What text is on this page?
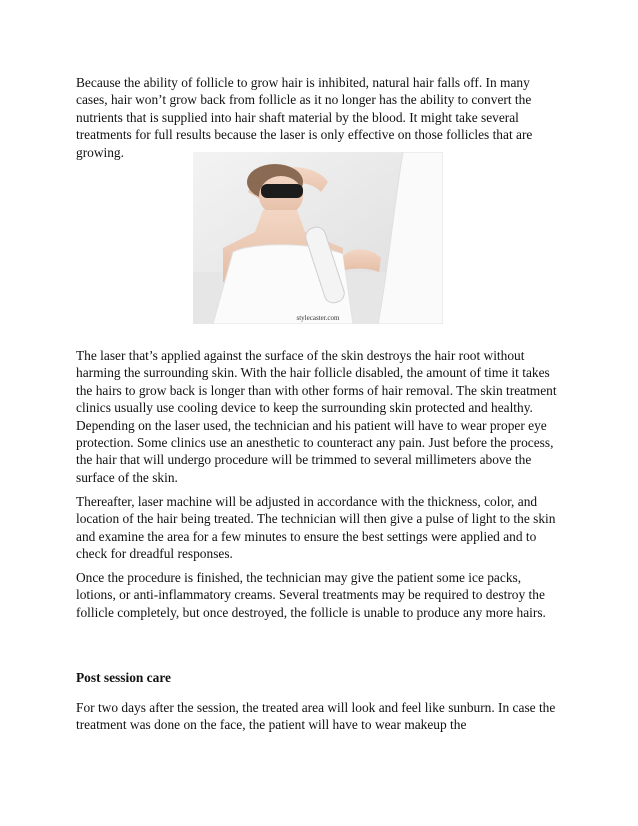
Because the ability of follicle to grow hair is inhibited, natural hair falls off. In many cases, hair won’t grow back from follicle as it no longer has the ability to convert the nutrients that is supplied into hair shaft material by the blood. It might take several treatments for full results because the laser is only effective on those follicles that are growing.

stylecaster.com

The laser that’s applied against the surface of the skin destroys the hair root without harming the surrounding skin. With the hair follicle disabled, the amount of time it takes the hairs to grow back is longer than with other forms of hair removal. The skin treatment clinics usually use cooling device to keep the surrounding skin protected and healthy. Depending on the laser used, the technician and his patient will have to wear proper eye protection. Some clinics use an anesthetic to counteract any pain. Just before the process, the hair that will undergo procedure will be trimmed to several millimeters above the surface of the skin.

Thereafter, laser machine will be adjusted in accordance with the thickness, color, and location of the hair being treated. The technician will then give a pulse of light to the skin and examine the area for a few minutes to ensure the best settings were applied and to check for dreadful responses.

Once the procedure is finished, the technician may give the patient some ice packs, lotions, or anti-inflammatory creams. Several treatments may be required to destroy the follicle completely, but once destroyed, the follicle is unable to produce any more hairs.

Post session care

For two days after the session, the treated area will look and feel like sunburn. In case the treatment was done on the face, the patient will have to wear makeup the
